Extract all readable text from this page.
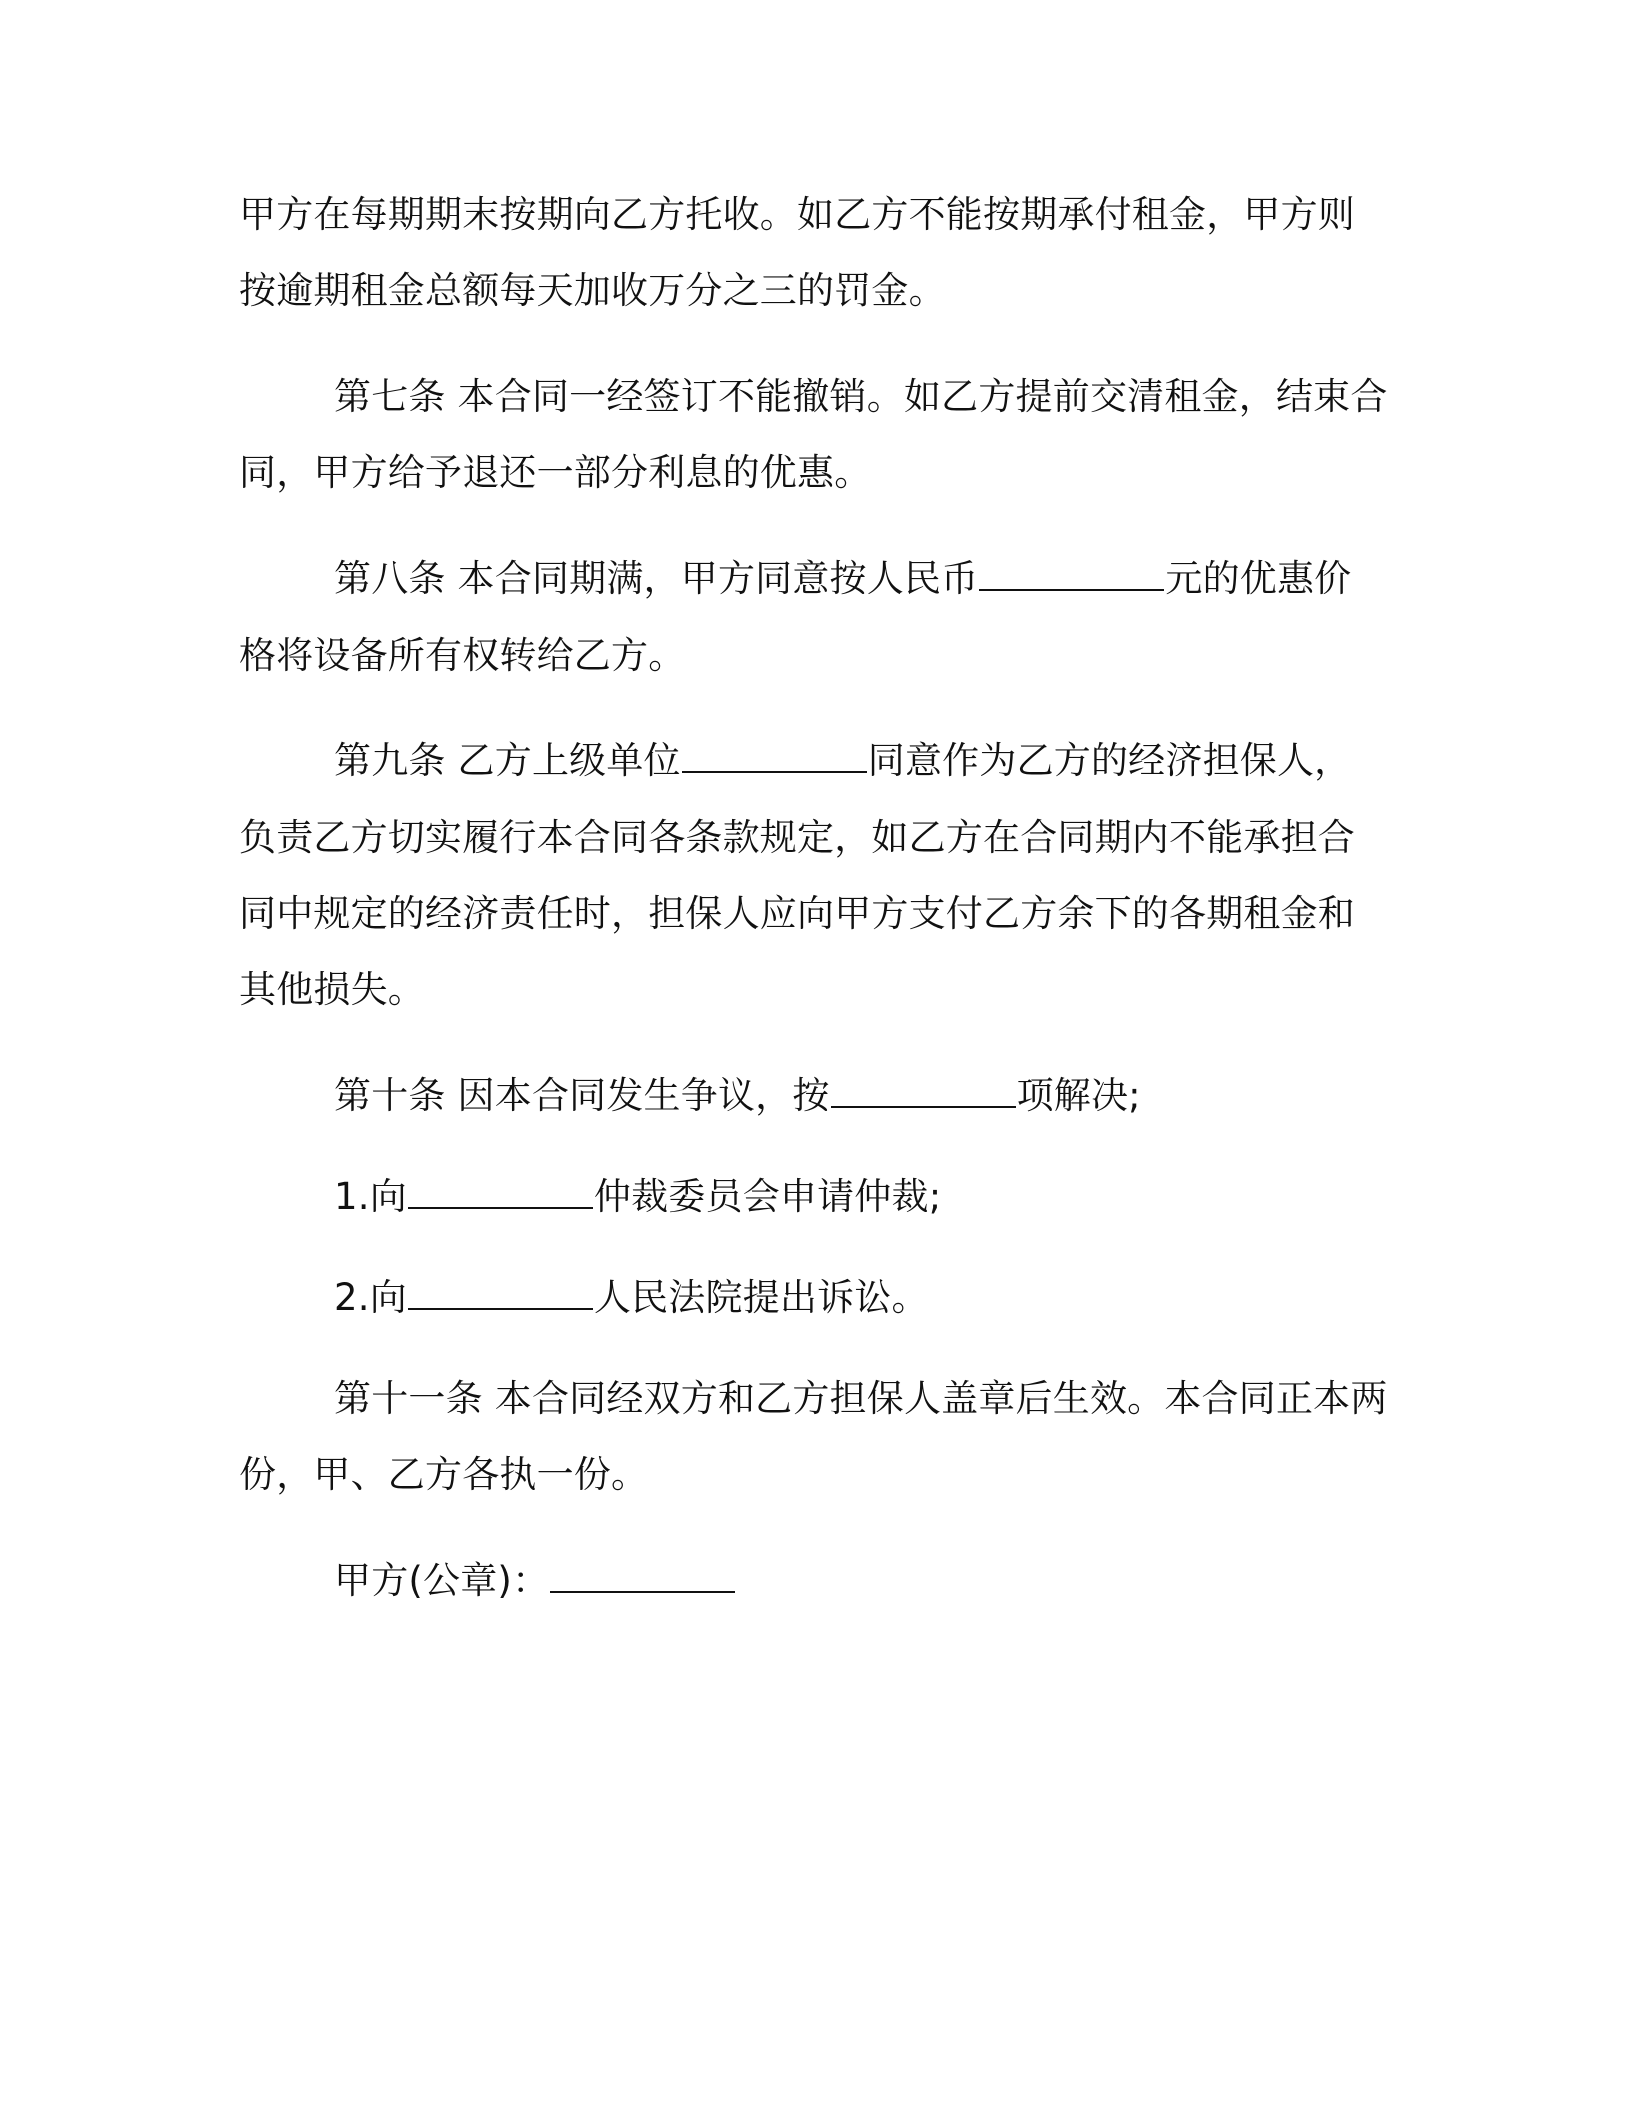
甲方在每期期末按期向乙方托收。如乙方不能按期承付租金，甲方则
按逾期租金总额每天加收万分之三的罚金。
第七条 本合同一经签订不能撤销。如乙方提前交清租金，结束合
同，甲方给予退还一部分利息的优惠。
第八条 本合同期满，甲方同意按人民币	元的优惠价
格将设备所有权转给乙方。
第九条 乙方上级单位	同意作为乙方的经济担保人，
负责乙方切实履行本合同各条款规定，如乙方在合同期内不能承担合
同中规定的经济责任时，担保人应向甲方支付乙方余下的各期租金和
其他损失。
第十条 因本合同发生争议，按	项解决;
1.向	仲裁委员会申请仲裁;
2.向	人民法院提出诉讼。
第十一条 本合同经双方和乙方担保人盖章后生效。本合同正本两
份，甲、乙方各执一份。
甲方(公章)：
